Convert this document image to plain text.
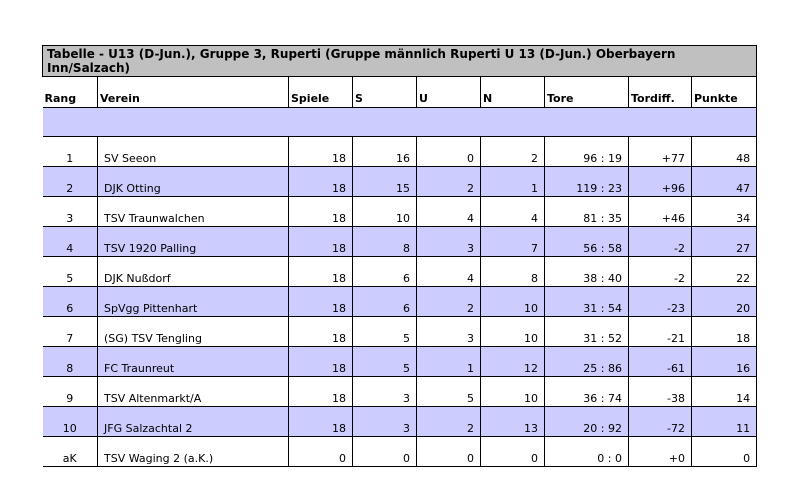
Tabelle - U13 (D-Jun.), Gruppe 3, Ruperti (Gruppe männlich Ruperti U 13 (D-Jun.) Oberbayern Inn/Salzach)								
Rang	Verein	Spiele	S	U	N	Tore	Tordiff.	Punkte

1	SV Seeon	18	16	0	2	96 : 19	+77	48
2	DJK Otting	18	15	2	1	119 : 23	+96	47
3	TSV Traunwalchen	18	10	4	4	81 : 35	+46	34
4	TSV 1920 Palling	18	8	3	7	56 : 58	-2	27
5	DJK Nußdorf	18	6	4	8	38 : 40	-2	22
6	SpVgg Pittenhart	18	6	2	10	31 : 54	-23	20
7	(SG) TSV Tengling	18	5	3	10	31 : 52	-21	18
8	FC Traunreut	18	5	1	12	25 : 86	-61	16
9	TSV Altenmarkt/A	18	3	5	10	36 : 74	-38	14
10	JFG Salzachtal 2	18	3	2	13	20 : 92	-72	11
aK	TSV Waging 2 (a.K.)	0	0	0	0	0 : 0	+0	0
